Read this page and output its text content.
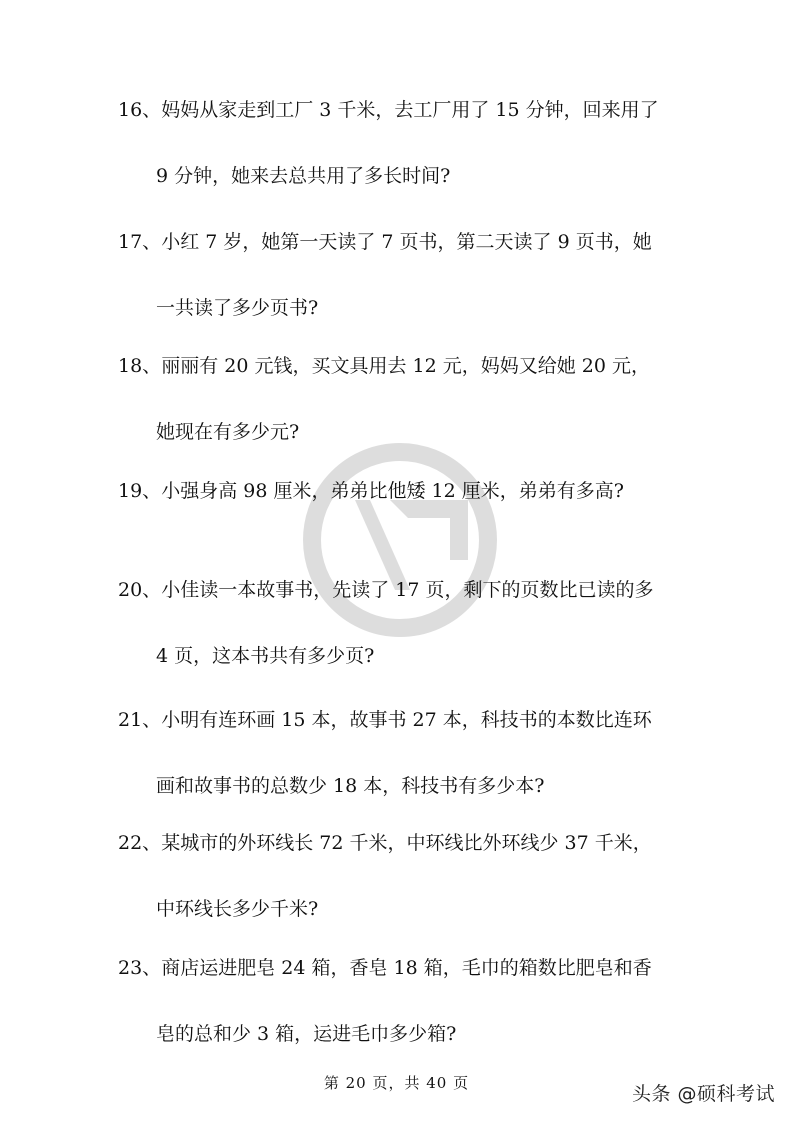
16、妈妈从家走到工厂 3 千米，去工厂用了 15 分钟，回来用了
9 分钟，她来去总共用了多长时间?
17、小红 7 岁，她第一天读了 7 页书，第二天读了 9 页书，她
一共读了多少页书?
18、丽丽有 20 元钱，买文具用去 12 元，妈妈又给她 20 元，
她现在有多少元?
19、小强身高 98 厘米，弟弟比他矮 12 厘米，弟弟有多高?
20、小佳读一本故事书，先读了 17 页，剩下的页数比已读的多
4 页，这本书共有多少页?
21、小明有连环画 15 本，故事书 27 本，科技书的本数比连环
画和故事书的总数少 18 本，科技书有多少本?
22、某城市的外环线长 72 千米，中环线比外环线少 37 千米，
中环线长多少千米?
23、商店运进肥皂 24 箱，香皂 18 箱，毛巾的箱数比肥皂和香
皂的总和少 3 箱，运进毛巾多少箱?
第 20 页，共 40 页	头条 @硕科考试
